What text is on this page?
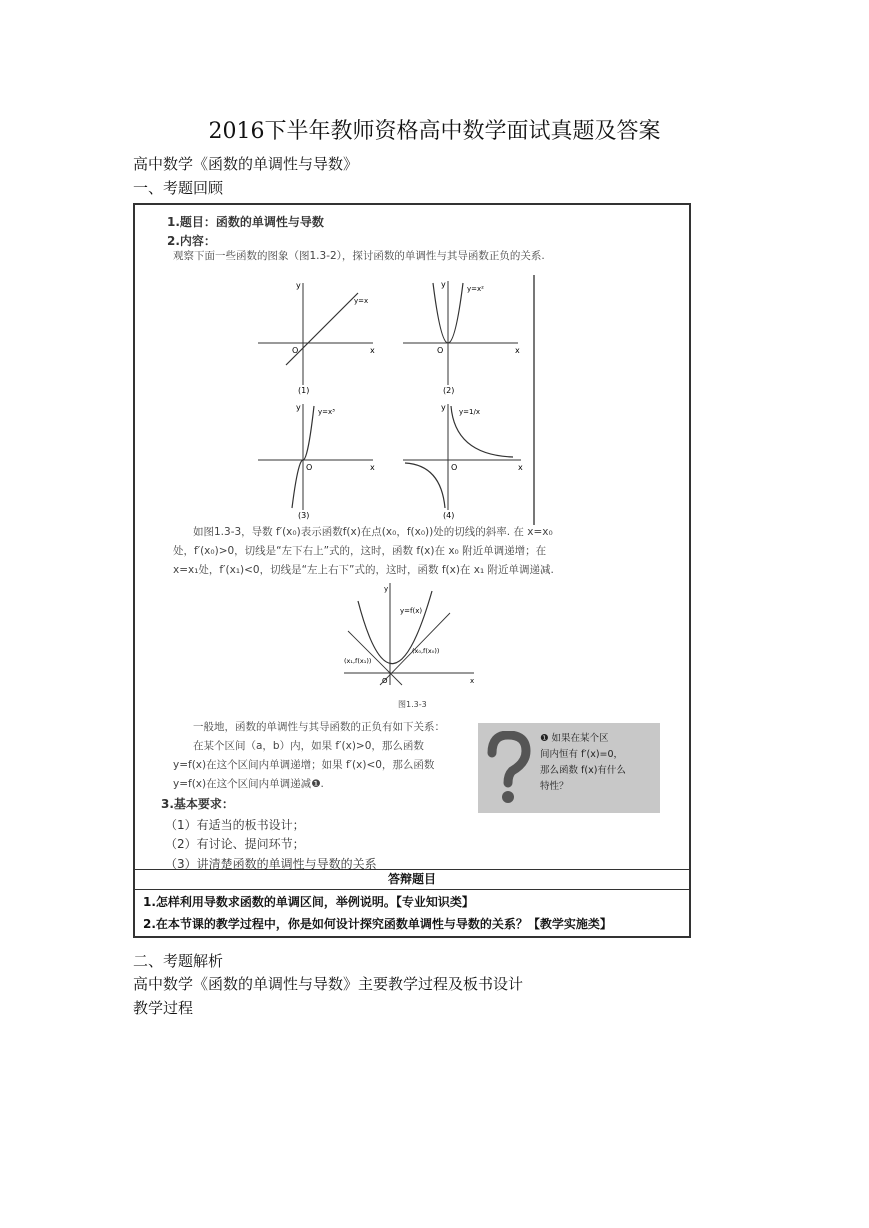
2016下半年教师资格高中数学面试真题及答案
高中数学《函数的单调性与导数》
一、考题回顾
1.题目：函数的单调性与导数
2.内容：
观察下面一些函数的图象（图1.3-2），探讨函数的单调性与其导函数正负的关系.
y
x
O
y=x
(1)
y
x
O
y=x²
(2)
y
x
O
y=x³
(3)
y
x
O
y=1/x
(4)
如图1.3-3，导数 f′(x₀)表示函数f(x)在点(x₀，f(x₀))处的切线的斜率. 在 x=x₀
处，f′(x₀)>0，切线是“左下右上”式的，这时，函数 f(x)在 x₀ 附近单调递增；在
x=x₁处，f′(x₁)<0，切线是“左上右下”式的，这时，函数 f(x)在 x₁ 附近单调递减.
y=f(x)
(x₁,f(x₁))
(x₀,f(x₀))
O	x
y
图1.3-3
一般地，函数的单调性与其导函数的正负有如下关系：
在某个区间（a，b）内，如果 f′(x)>0，那么函数
y=f(x)在这个区间内单调递增；如果 f′(x)<0，那么函数
y=f(x)在这个区间内单调递减❶.
❶ 如果在某个区
间内恒有 f′(x)=0，
那么函数 f(x)有什么
特性？
3.基本要求：
（1）有适当的板书设计；
（2）有讨论、提问环节；
（3）讲清楚函数的单调性与导数的关系
答辩题目
1.怎样利用导数求函数的单调区间，举例说明。【专业知识类】
2.在本节课的教学过程中，你是如何设计探究函数单调性与导数的关系？【教学实施类】
二、考题解析
高中数学《函数的单调性与导数》主要教学过程及板书设计
教学过程
